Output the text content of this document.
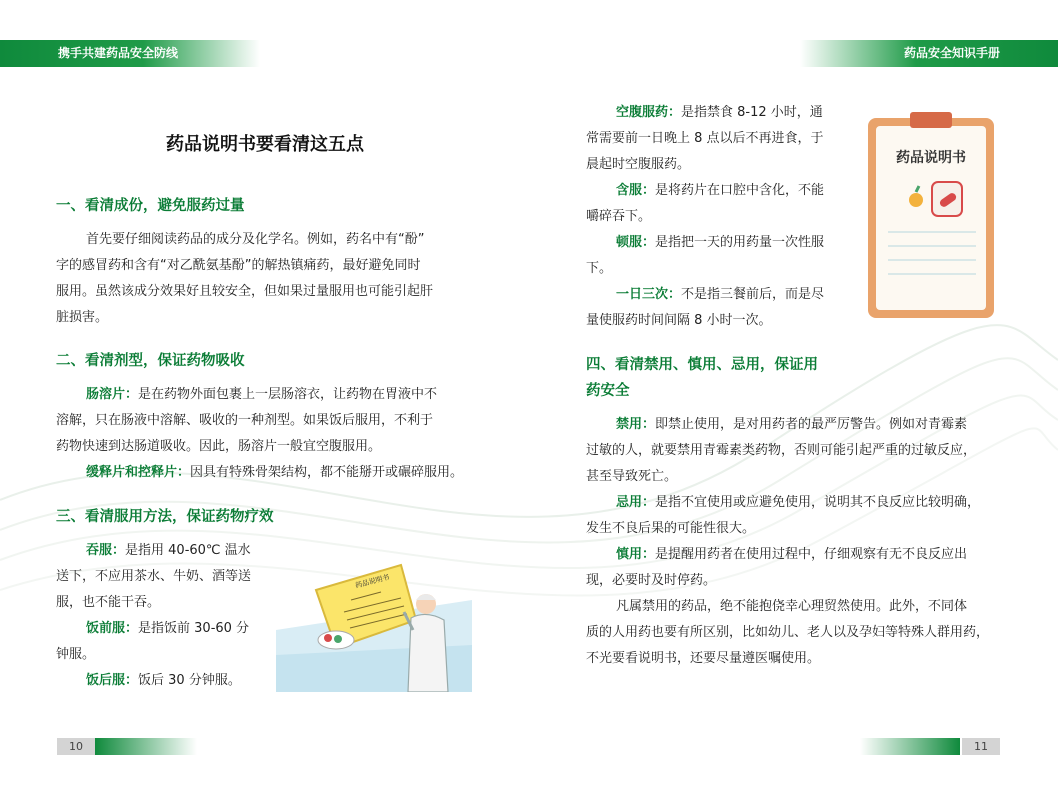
携手共建药品安全防线	药品安全知识手册
药品说明书要看清这五点
一、看清成份，避免服药过量
首先要仔细阅读药品的成分及化学名。例如，药名中有“酚”
字的感冒药和含有“对乙酰氨基酚”的解热镇痛药，最好避免同时
服用。虽然该成分效果好且较安全，但如果过量服用也可能引起肝
脏损害。
二、看清剂型，保证药物吸收
肠溶片：是在药物外面包裹上一层肠溶衣，让药物在胃液中不
溶解，只在肠液中溶解、吸收的一种剂型。如果饭后服用，不利于
药物快速到达肠道吸收。因此，肠溶片一般宜空腹服用。
缓释片和控释片：因具有特殊骨架结构，都不能掰开或碾碎服用。
三、看清服用方法，保证药物疗效
吞服：是指用 40-60℃ 温水
送下，不应用茶水、牛奶、酒等送
服，也不能干吞。
饭前服：是指饭前 30-60 分
钟服。
饭后服：饭后 30 分钟服。
药品说明书
空腹服药：是指禁食 8-12 小时，通
常需要前一日晚上 8 点以后不再进食，于
晨起时空腹服药。
含服：是将药片在口腔中含化，不能
嚼碎吞下。
顿服：是指把一天的用药量一次性服
下。
一日三次：不是指三餐前后，而是尽
量使服药时间间隔 8 小时一次。
药品说明书
四、看清禁用、慎用、忌用，保证用
药安全
禁用：即禁止使用，是对用药者的最严厉警告。例如对青霉素
过敏的人，就要禁用青霉素类药物，否则可能引起严重的过敏反应，
甚至导致死亡。
忌用：是指不宜使用或应避免使用，说明其不良反应比较明确，
发生不良后果的可能性很大。
慎用：是提醒用药者在使用过程中，仔细观察有无不良反应出
现，必要时及时停药。
凡属禁用的药品，绝不能抱侥幸心理贸然使用。此外，不同体
质的人用药也要有所区别，比如幼儿、老人以及孕妇等特殊人群用药，
不光要看说明书，还要尽量遵医嘱使用。
10	11
